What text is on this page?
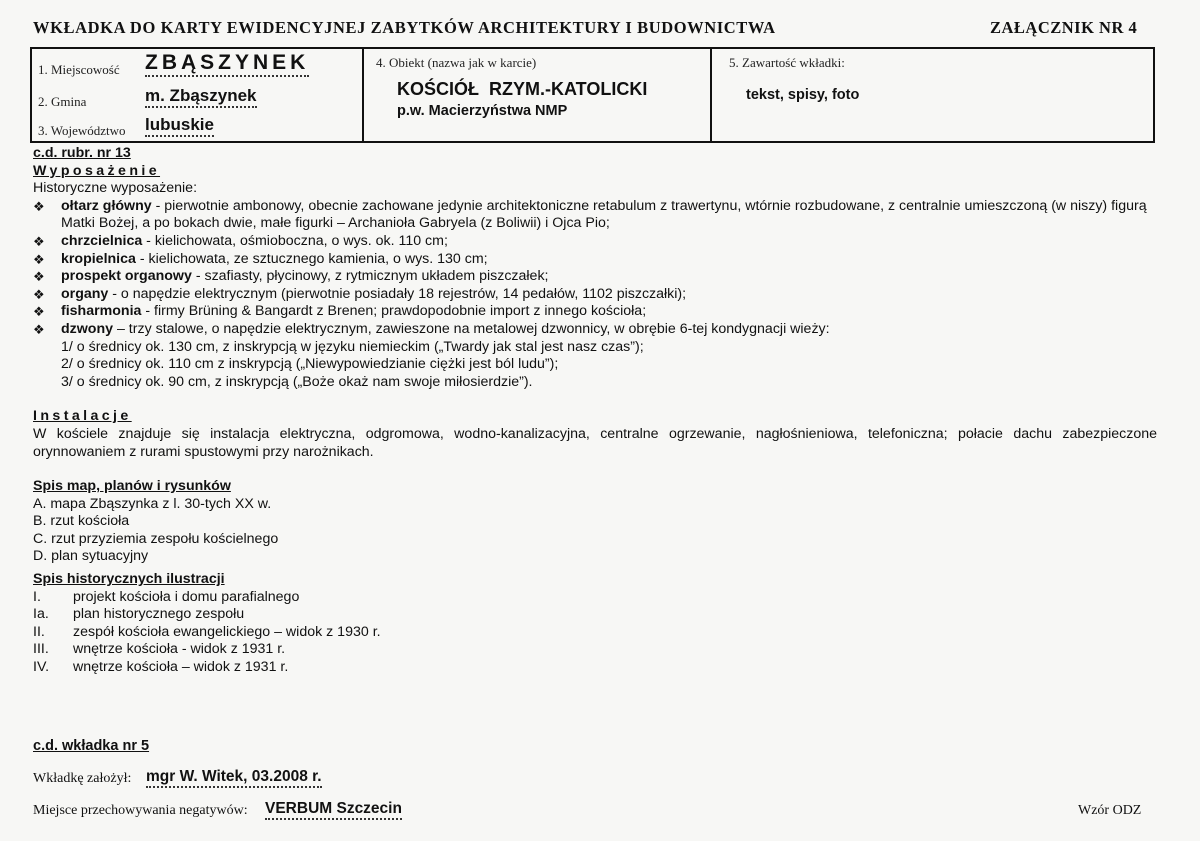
WKŁADKA DO KARTY EWIDENCYJNEJ ZABYTKÓW ARCHITEKTURY I BUDOWNICTWA	ZAŁĄCZNIK NR 4
1. Miejscowość ZBĄSZYNEK
2. Gmina	m. Zbąszynek
3. Województwo lubuskie
4. Obiekt (nazwa jak w karcie)
KOŚCIÓŁ  RZYM.-KATOLICKI
p.w. Macierzyństwa NMP
5. Zawartość wkładki:
tekst, spisy, foto
c.d. rubr. nr 13
Wyposażenie
Historyczne wyposażenie:
❖	ołtarz główny - pierwotnie ambonowy, obecnie zachowane jedynie architektoniczne retabulum z trawertynu, wtórnie rozbudowane, z centralnie umieszczoną (w niszy) figurą Matki Bożej, a po bokach dwie, małe figurki – Archanioła Gabryela (z Boliwii) i Ojca Pio;
❖	chrzcielnica - kielichowata, ośmioboczna, o wys. ok. 110 cm;
❖	kropielnica - kielichowata, ze sztucznego kamienia, o wys. 130 cm;
❖	prospekt organowy - szafiasty, płycinowy, z rytmicznym układem piszczałek;
❖	organy - o napędzie elektrycznym (pierwotnie posiadały 18 rejestrów, 14 pedałów, 1102 piszczałki);
❖	fisharmonia - firmy Brüning & Bangardt z Brenen; prawdopodobnie import z innego kościoła;
❖	dzwony – trzy stalowe, o napędzie elektrycznym, zawieszone na metalowej dzwonnicy, w obrębie 6-tej kondygnacji wieży:
1/ o średnicy ok. 130 cm, z inskrypcją w języku niemieckim („Twardy jak stal jest nasz czas”);
2/ o średnicy ok. 110 cm z inskrypcją („Niewypowiedzianie ciężki jest ból ludu”);
3/ o średnicy ok. 90 cm, z inskrypcją („Boże okaż nam swoje miłosierdzie”).
Instalacje
W kościele znajduje się instalacja elektryczna, odgromowa, wodno-kanalizacyjna, centralne ogrzewanie, nagłośnieniowa, telefoniczna; połacie dachu zabezpieczone orynnowaniem z rurami spustowymi przy narożnikach.
Spis map, planów i rysunków
A. mapa Zbąszynka z l. 30-tych XX w.
B. rzut kościoła
C. rzut przyziemia zespołu kościelnego
D. plan sytuacyjny
Spis historycznych ilustracji
I.	projekt kościoła i domu parafialnego
Ia.	plan historycznego zespołu
II.	zespół kościoła ewangelickiego – widok z 1930 r.
III.	wnętrze kościoła - widok z 1931 r.
IV.	wnętrze kościoła – widok z 1931 r.
c.d. wkładka nr 5
Wkładkę założył: mgr W. Witek, 03.2008 r.
Miejsce przechowywania negatywów: VERBUM Szczecin	Wzór ODZ
